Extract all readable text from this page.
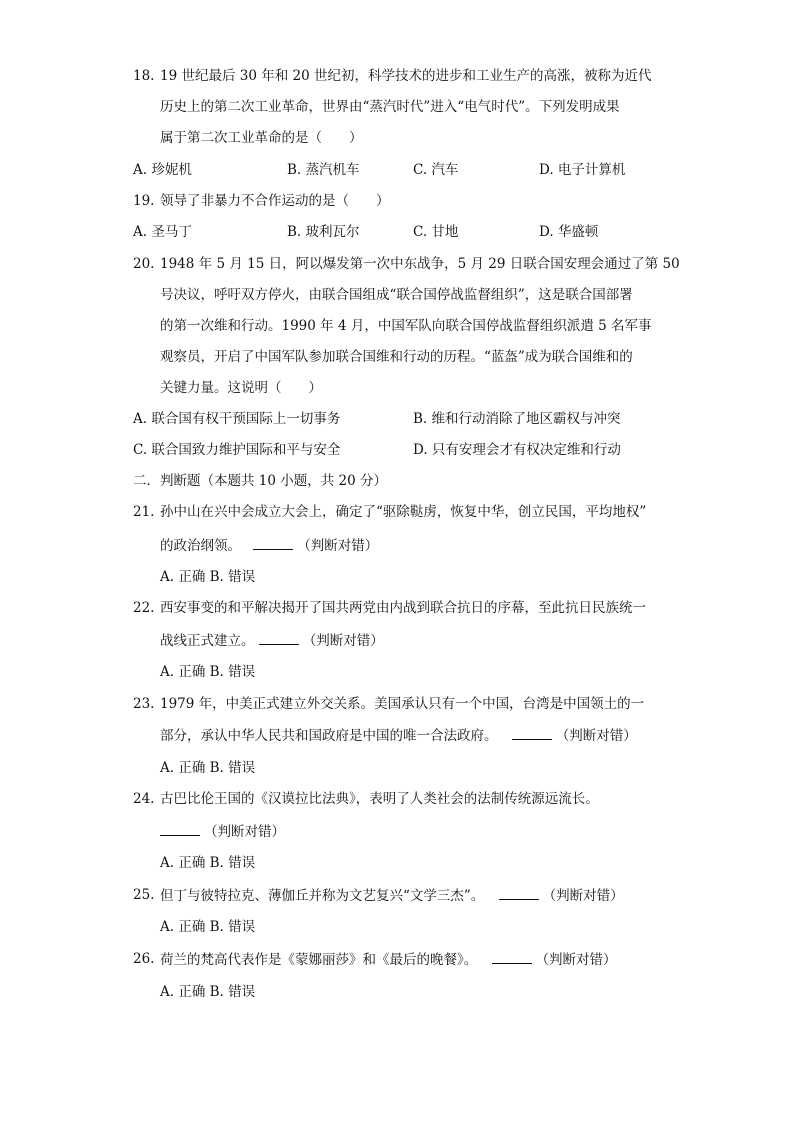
18. 19 世纪最后 30 年和 20 世纪初，科学技术的进步和工业生产的高涨，被称为近代
历史上的第二次工业革命，世界由“蒸汽时代”进入“电气时代”。下列发明成果
属于第二次工业革命的是（　　）
A. 珍妮机	B. 蒸汽机车	C. 汽车	D. 电子计算机
19. 领导了非暴力不合作运动的是（　　）
A. 圣马丁	B. 玻利瓦尔	C. 甘地	D. 华盛顿
20. 1948 年 5 月 15 日，阿以爆发第一次中东战争，5 月 29 日联合国安理会通过了第 50
号决议，呼吁双方停火，由联合国组成“联合国停战监督组织”，这是联合国部署
的第一次维和行动。1990 年 4 月，中国军队向联合国停战监督组织派遣 5 名军事
观察员，开启了中国军队参加联合国维和行动的历程。“蓝盔”成为联合国维和的
关键力量。这说明（　　）
A. 联合国有权干预国际上一切事务	B. 维和行动消除了地区霸权与冲突
C. 联合国致力维护国际和平与安全	D. 只有安理会才有权决定维和行动
二．判断题（本题共 10 小题，共 20 分）
21. 孙中山在兴中会成立大会上，确定了“驱除鞑虏，恢复中华，创立民国，平均地权”
的政治纲领。	（判断对错）
A. 正确 B. 错误
22. 西安事变的和平解决揭开了国共两党由内战到联合抗日的序幕，至此抗日民族统一
战线正式建立。	（判断对错）
A. 正确 B. 错误
23. 1979 年，中美正式建立外交关系。美国承认只有一个中国，台湾是中国领土的一
部分，承认中华人民共和国政府是中国的唯一合法政府。	（判断对错）
A. 正确 B. 错误
24. 古巴比伦王国的《汉谟拉比法典》，表明了人类社会的法制传统源远流长。
（判断对错）
A. 正确 B. 错误
25. 但丁与彼特拉克、薄伽丘并称为文艺复兴“文学三杰”。	（判断对错）
A. 正确 B. 错误
26. 荷兰的梵高代表作是《蒙娜丽莎》和《最后的晚餐》。	（判断对错）
A. 正确 B. 错误
